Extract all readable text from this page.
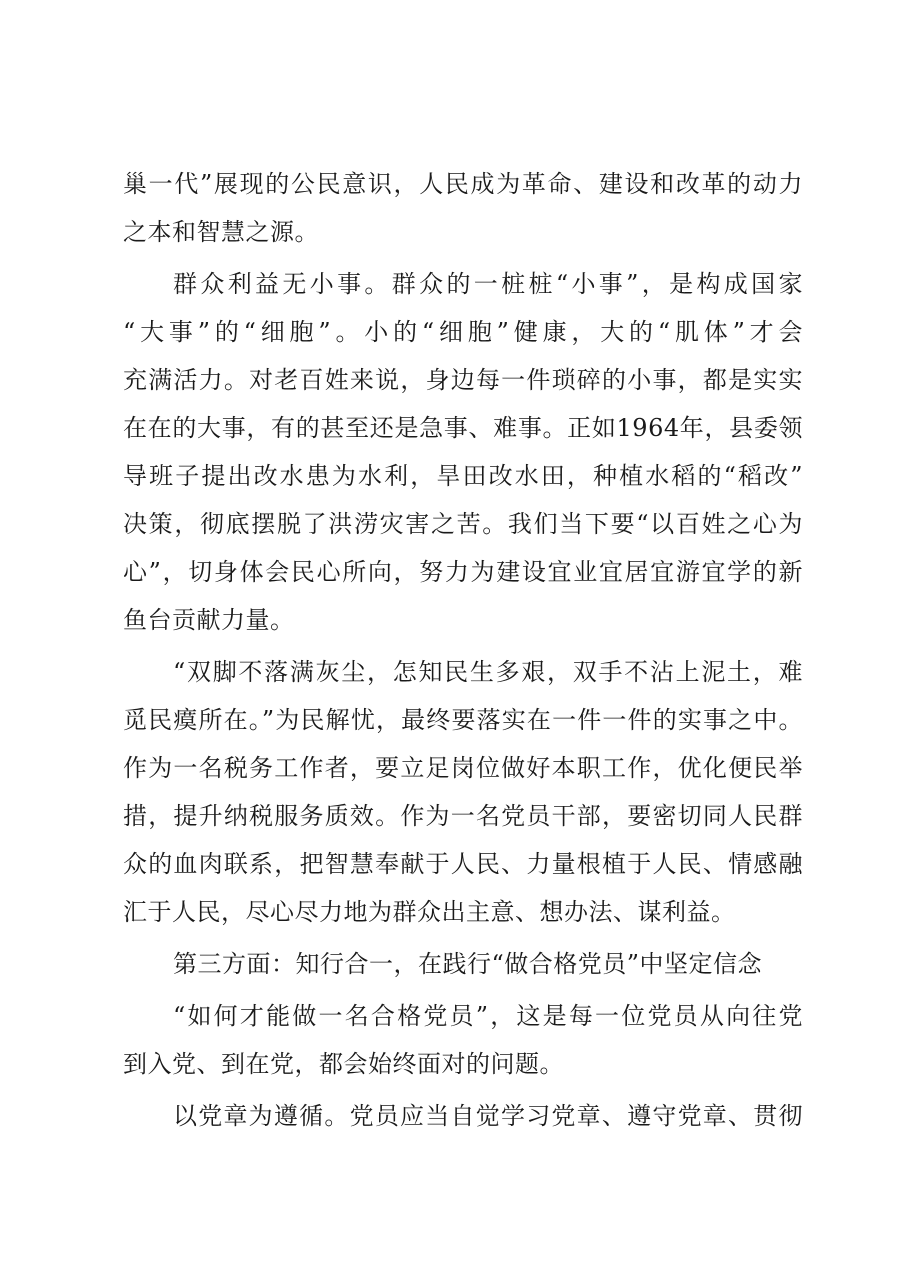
巢一代”展现的公民意识，人民成为革命、建设和改革的动力
之本和智慧之源。
群众利益无小事。群众的一桩桩“小事”，是构成国家
“大事”的“细胞”。小的“细胞”健康，大的“肌体”才会
充满活力。对老百姓来说，身边每一件琐碎的小事，都是实实
在在的大事，有的甚至还是急事、难事。正如1964年，县委领
导班子提出改水患为水利，旱田改水田，种植水稻的“稻改”
决策，彻底摆脱了洪涝灾害之苦。我们当下要“以百姓之心为
心”，切身体会民心所向，努力为建设宜业宜居宜游宜学的新
鱼台贡献力量。
“双脚不落满灰尘，怎知民生多艰，双手不沾上泥土，难
觅民瘼所在。”为民解忧，最终要落实在一件一件的实事之中。
作为一名税务工作者，要立足岗位做好本职工作，优化便民举
措，提升纳税服务质效。作为一名党员干部，要密切同人民群
众的血肉联系，把智慧奉献于人民、力量根植于人民、情感融
汇于人民，尽心尽力地为群众出主意、想办法、谋利益。
第三方面：知行合一，在践行“做合格党员”中坚定信念
“如何才能做一名合格党员”，这是每一位党员从向往党
到入党、到在党，都会始终面对的问题。
以党章为遵循。党员应当自觉学习党章、遵守党章、贯彻
